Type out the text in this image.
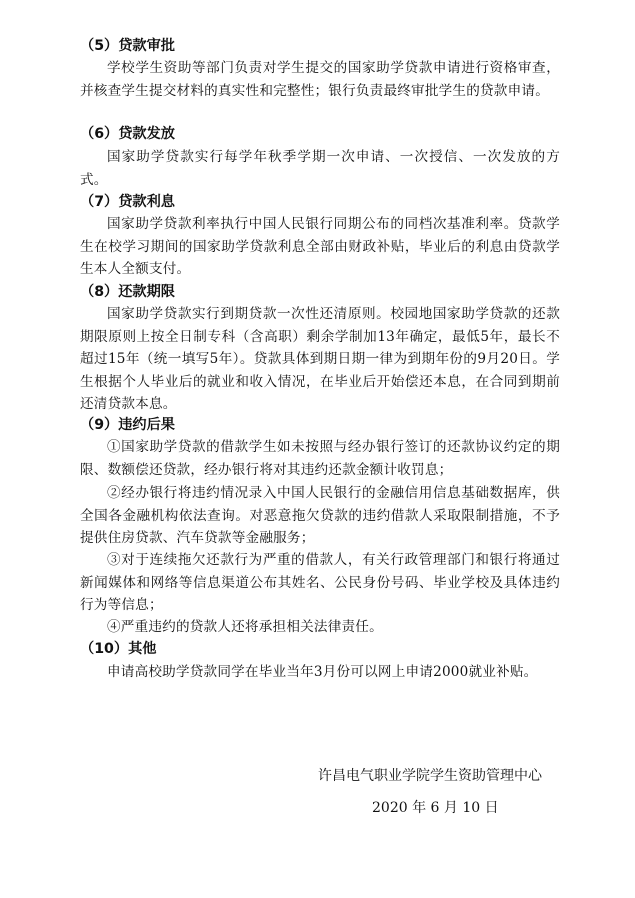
（5）贷款审批
学校学生资助等部门负责对学生提交的国家助学贷款申请进行资格审查，并核查学生提交材料的真实性和完整性；银行负责最终审批学生的贷款申请。
（6）贷款发放
国家助学贷款实行每学年秋季学期一次申请、一次授信、一次发放的方式。
（7）贷款利息
国家助学贷款利率执行中国人民银行同期公布的同档次基准利率。贷款学生在校学习期间的国家助学贷款利息全部由财政补贴，毕业后的利息由贷款学生本人全额支付。
（8）还款期限
国家助学贷款实行到期贷款一次性还清原则。校园地国家助学贷款的还款期限原则上按全日制专科（含高职）剩余学制加13年确定，最低5年，最长不超过15年（统一填写5年）。贷款具体到期日期一律为到期年份的9月20日。学生根据个人毕业后的就业和收入情况，在毕业后开始偿还本息，在合同到期前还清贷款本息。
（9）违约后果
①国家助学贷款的借款学生如未按照与经办银行签订的还款协议约定的期限、数额偿还贷款，经办银行将对其违约还款金额计收罚息；
②经办银行将违约情况录入中国人民银行的金融信用信息基础数据库，供全国各金融机构依法查询。对恶意拖欠贷款的违约借款人采取限制措施，不予提供住房贷款、汽车贷款等金融服务；
③对于连续拖欠还款行为严重的借款人，有关行政管理部门和银行将通过新闻媒体和网络等信息渠道公布其姓名、公民身份号码、毕业学校及具体违约行为等信息；
④严重违约的贷款人还将承担相关法律责任。
（10）其他
申请高校助学贷款同学在毕业当年3月份可以网上申请2000就业补贴。
许昌电气职业学院学生资助管理中心
2020 年 6 月 10 日
